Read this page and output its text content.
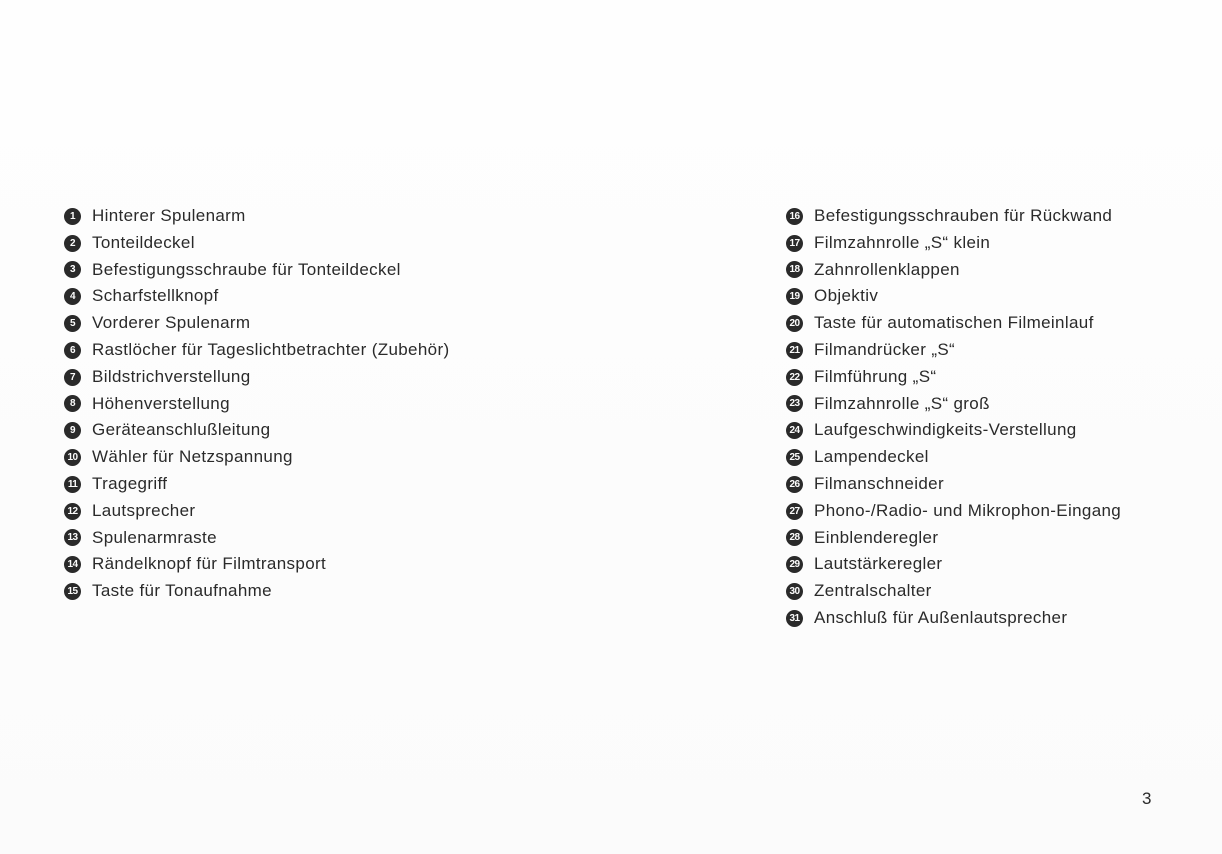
1	Hinterer Spulenarm
2	Tonteildeckel
3	Befestigungsschraube für Tonteildeckel
4	Scharfstellknopf
5	Vorderer Spulenarm
6	Rastlöcher für Tageslichtbetrachter (Zubehör)
7	Bildstrichverstellung
8	Höhenverstellung
9	Geräteanschlußleitung
10 Wähler für Netzspannung
11 Tragegriff
12 Lautsprecher
13 Spulenarmraste
14 Rändelknopf für Filmtransport
15 Taste für Tonaufnahme
16 Befestigungsschrauben für Rückwand
17 Filmzahnrolle „S“ klein
18 Zahnrollenklappen
19 Objektiv
20 Taste für automatischen Filmeinlauf
21 Filmandrücker „S“
22 Filmführung „S“
23 Filmzahnrolle „S“ groß
24 Laufgeschwindigkeits-Verstellung
25 Lampendeckel
26 Filmanschneider
27 Phono-/Radio- und Mikrophon-Eingang
28 Einblenderegler
29 Lautstärkeregler
30 Zentralschalter
31 Anschluß für Außenlautsprecher
3
